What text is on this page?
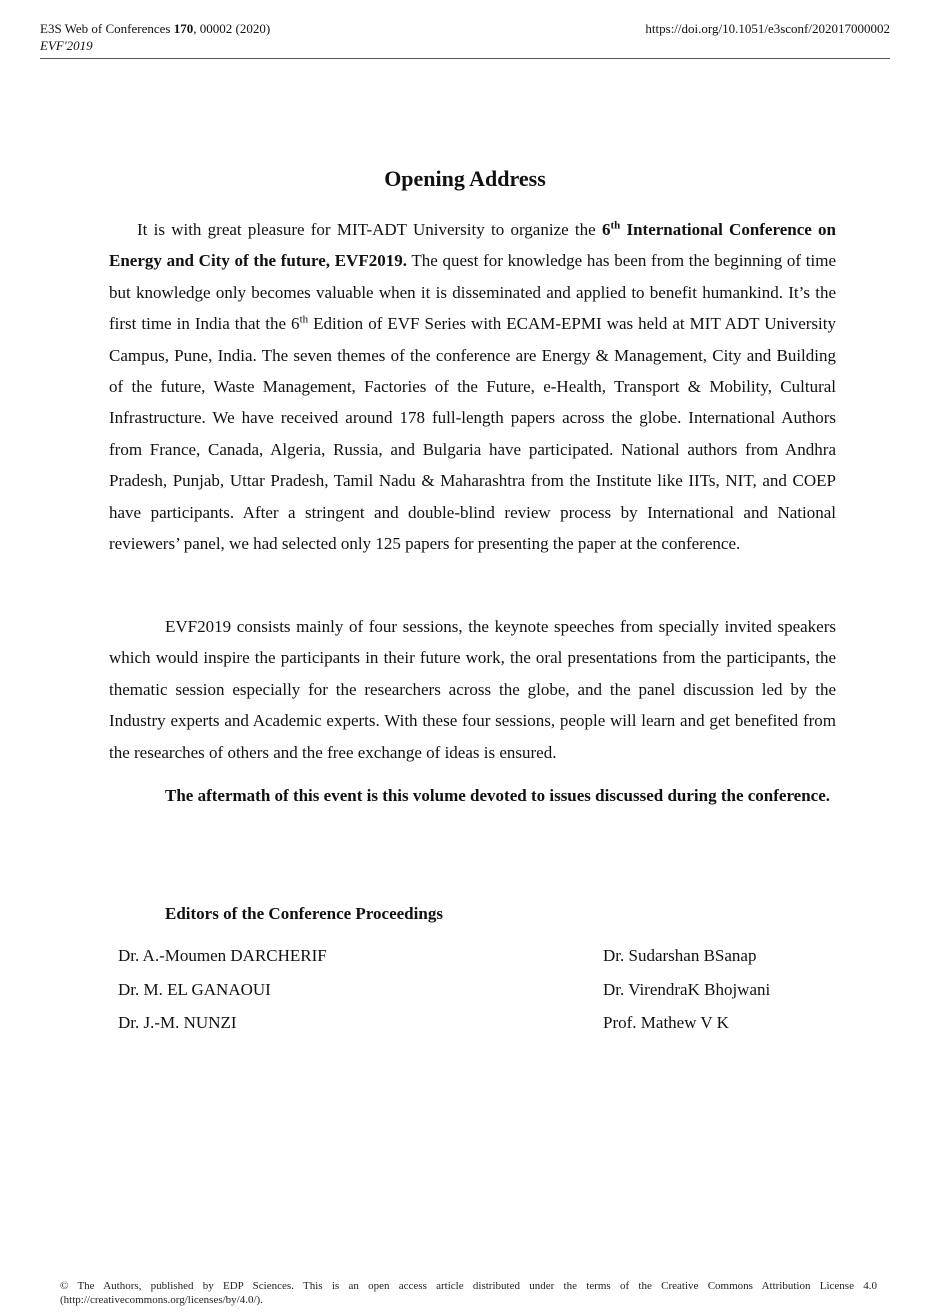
E3S Web of Conferences 170, 00002 (2020)
EVF'2019
https://doi.org/10.1051/e3sconf/202017000002
Opening Address

It is with great pleasure for MIT-ADT University to organize the 6th International Conference on Energy and City of the future, EVF2019. The quest for knowledge has been from the beginning of time but knowledge only becomes valuable when it is disseminated and applied to benefit humankind. It’s the first time in India that the 6th Edition of EVF Series with ECAM-EPMI was held at MIT ADT University Campus, Pune, India. The seven themes of the conference are Energy & Management, City and Building of the future, Waste Management, Factories of the Future, e-Health, Transport & Mobility, Cultural Infrastructure. We have received around 178 full-length papers across the globe. International Authors from France, Canada, Algeria, Russia, and Bulgaria have participated. National authors from Andhra Pradesh, Punjab, Uttar Pradesh, Tamil Nadu & Maharashtra from the Institute like IITs, NIT, and COEP have participants. After a stringent and double-blind review process by International and National reviewers’ panel, we had selected only 125 papers for presenting the paper at the conference.

EVF2019 consists mainly of four sessions, the keynote speeches from specially invited speakers which would inspire the participants in their future work, the oral presentations from the participants, the thematic session especially for the researchers across the globe, and the panel discussion led by the Industry experts and Academic experts. With these four sessions, people will learn and get benefited from the researches of others and the free exchange of ideas is ensured.

The aftermath of this event is this volume devoted to issues discussed during the conference.

Editors of the Conference Proceedings
Dr. A.-Moumen DARCHERIF
Dr. M. EL GANAOUI
Dr. J.-M. NUNZI
Dr. Sudarshan BSanap
Dr. VirendraK Bhojwani
Prof. Mathew V K
© The Authors, published by EDP Sciences. This is an open access article distributed under the terms of the Creative Commons Attribution License 4.0 (http://creativecommons.org/licenses/by/4.0/).
